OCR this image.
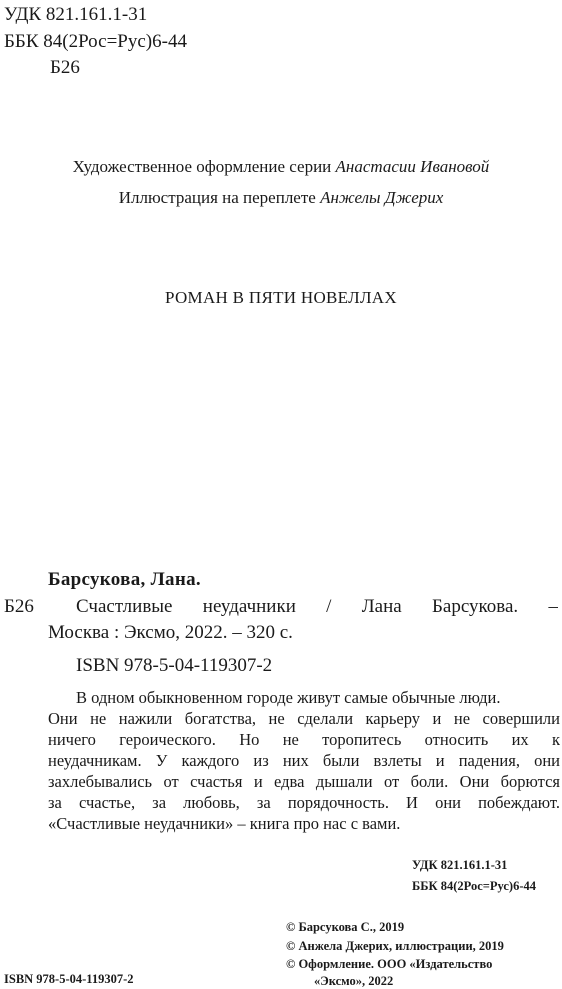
УДК 821.161.1-31
ББК 84(2Рос=Рус)6-44
Б26
Художественное оформление серии Анастасии Ивановой
Иллюстрация на переплете Анжелы Джерих
РОМАН В ПЯТИ НОВЕЛЛАХ
Барсукова, Лана.
Б26 Счастливые неудачники / Лана Барсукова. –
Москва : Эксмо, 2022. – 320 с.
ISBN 978-5-04-119307-2
В одном обыкновенном городе живут самые обычные люди.
Они не нажили богатства, не сделали карьеру и не совершили
ничего героического. Но не торопитесь относить их к
неудачникам. У каждого из них были взлеты и падения, они
захлебывались от счастья и едва дышали от боли. Они борются
за счастье, за любовь, за порядочность. И они побеждают.
«Счастливые неудачники» – книга про нас с вами.
УДК 821.161.1-31
ББК 84(2Рос=Рус)6-44
© Барсукова С., 2019
© Анжела Джерих, иллюстрации, 2019
© Оформление. ООО «Издательство
«Эксмо», 2022
ISBN 978-5-04-119307-2
